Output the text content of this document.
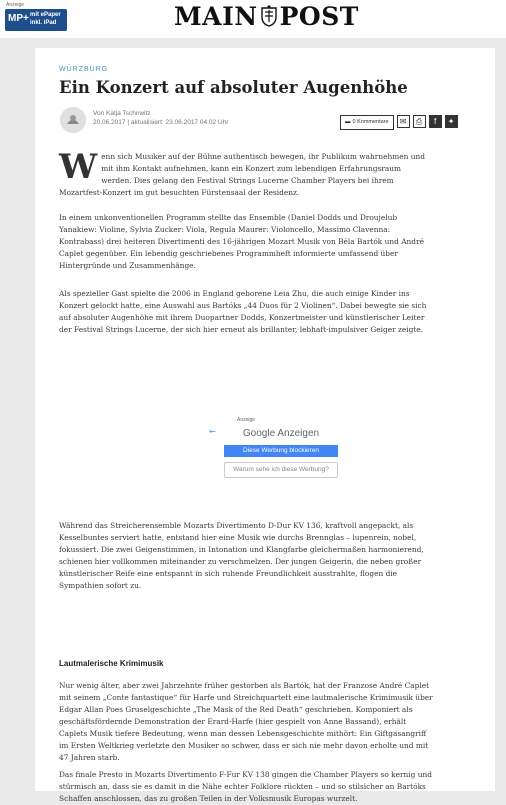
Anzeige
MP+ mit ePaper inkl. iPad	MAIN POST
WÜRZBURG
Ein Konzert auf absoluter Augenhöhe
Von Katja Tschirwitz
20.06.2017 | aktualisiert: 23.06.2017 04:02 Uhr	▬ 0 Kommentare	✉	⎙	f	✦

Wenn sich Musiker auf der Bühne authentisch bewegen, ihr Publikum wahrnehmen und mit ihm Kontakt aufnehmen, kann ein Konzert zum lebendigen Erfahrungsraum werden. Dies gelang den Festival Strings Lucerne Chamber Players bei ihrem Mozartfest-Konzert im gut besuchten Fürstensaal der Residenz.

In einem unkonventionellen Programm stellte das Ensemble (Daniel Dodds und Droujelub Yanakiew: Violine, Sylvia Zucker: Viola, Regula Maurer: Violoncello, Massimo Clavenna: Kontrabass) drei heiteren Divertimenti des 16-jährigen Mozart Musik von Béla Bartók und André Caplet gegenüber. Ein lebendig geschriebenes Programmheft informierte umfassend über Hintergründe und Zusammenhänge.

Als spezieller Gast spielte die 2006 in England geborene Leia Zhu, die auch einige Kinder ins Konzert gelockt hatte, eine Auswahl aus Bartóks „44 Duos für 2 Violinen“. Dabei bewegte sie sich auf absoluter Augenhöhe mit ihrem Duopartner Dodds, Konzertmeister und künstlerischer Leiter der Festival Strings Lucerne, der sich hier erneut als brillanter, lebhaft-impulsiver Geiger zeigte.

Anzeige
←	Google Anzeigen
Diese Werbung blockieren
Warum sehe ich diese Werbung?

Während das Streicherensemble Mozarts Divertimento D-Dur KV 136, kraftvoll angepackt, als Kesselbuntes serviert hatte, entstand hier eine Musik wie durchs Brennglas – lupenrein, nobel, fokussiert. Die zwei Geigenstimmen, in Intonation und Klangfarbe gleichermaßen harmonierend, schienen hier vollkommen miteinander zu verschmelzen. Der jungen Geigerin, die neben großer künstlerischer Reife eine entspannt in sich ruhende Freundlichkeit ausstrahlte, flogen die Sympathien sofort zu.

Lautmalerische Krimimusik

Nur wenig älter, aber zwei Jahrzehnte früher gestorben als Bartók, hat der Franzose André Caplet mit seinem „Conte fantastique“ für Harfe und Streichquartett eine lautmalerische Krimimusik über Edgar Allan Poes Gruselgeschichte „The Mask of the Red Death“ geschrieben. Komponiert als geschäftsfördernde Demonstration der Erard-Harfe (hier gespielt von Anne Bassand), erhält Caplets Musik tiefere Bedeutung, wenn man dessen Lebensgeschichte mithört: Ein Giftgasangriff im Ersten Weltkrieg verletzte den Musiker so schwer, dass er sich nie mehr davon erholte und mit 47 Jahren starb.

Das finale Presto in Mozarts Divertimento F-Fur KV 138 gingen die Chamber Players so kernig und stürmisch an, dass sie es damit in die Nähe echter Folklore rückten – und so stilsicher an Bartóks Schaffen anschlossen, das zu großen Teilen in der Volksmusik Europas wurzelt.
